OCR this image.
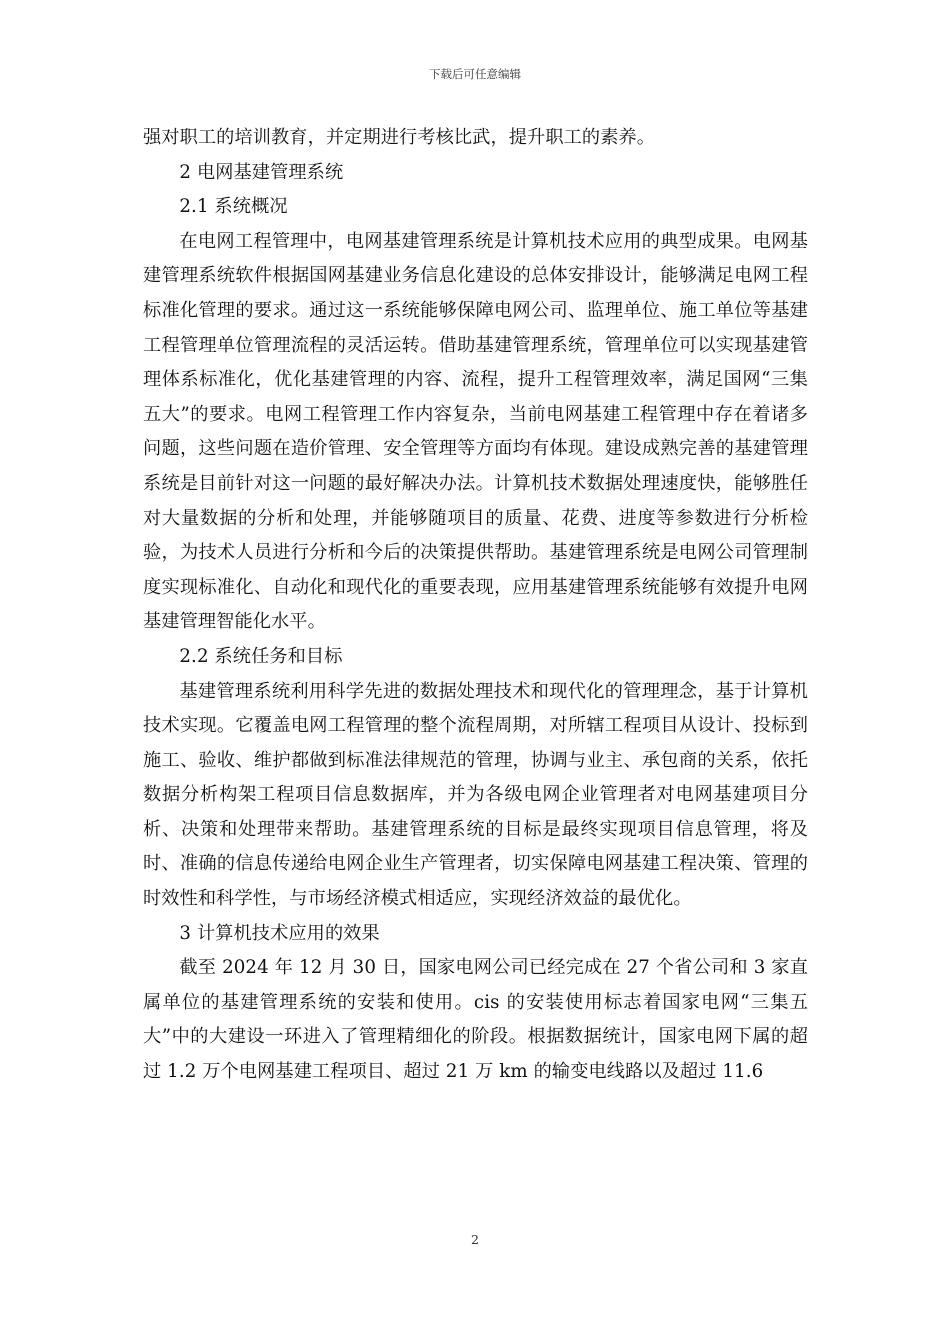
下载后可任意编辑

强对职工的培训教育，并定期进行考核比武，提升职工的素养。

2 电网基建管理系统

2.1 系统概况

在电网工程管理中，电网基建管理系统是计算机技术应用的典型成果。电网基建管理系统软件根据国网基建业务信息化建设的总体安排设计，能够满足电网工程标准化管理的要求。通过这一系统能够保障电网公司、监理单位、施工单位等基建工程管理单位管理流程的灵活运转。借助基建管理系统，管理单位可以实现基建管理体系标准化，优化基建管理的内容、流程，提升工程管理效率，满足国网“三集五大”的要求。电网工程管理工作内容复杂，当前电网基建工程管理中存在着诸多问题，这些问题在造价管理、安全管理等方面均有体现。建设成熟完善的基建管理系统是目前针对这一问题的最好解决办法。计算机技术数据处理速度快，能够胜任对大量数据的分析和处理，并能够随项目的质量、花费、进度等参数进行分析检验，为技术人员进行分析和今后的决策提供帮助。基建管理系统是电网公司管理制度实现标准化、自动化和现代化的重要表现，应用基建管理系统能够有效提升电网基建管理智能化水平。

2.2 系统任务和目标

基建管理系统利用科学先进的数据处理技术和现代化的管理理念，基于计算机技术实现。它覆盖电网工程管理的整个流程周期，对所辖工程项目从设计、投标到施工、验收、维护都做到标准法律规范的管理，协调与业主、承包商的关系，依托数据分析构架工程项目信息数据库，并为各级电网企业管理者对电网基建项目分析、决策和处理带来帮助。基建管理系统的目标是最终实现项目信息管理，将及时、准确的信息传递给电网企业生产管理者，切实保障电网基建工程决策、管理的时效性和科学性，与市场经济模式相适应，实现经济效益的最优化。

3 计算机技术应用的效果

截至 2024 年 12 月 30 日，国家电网公司已经完成在 27 个省公司和 3 家直属单位的基建管理系统的安装和使用。cis 的安装使用标志着国家电网“三集五大”中的大建设一环进入了管理精细化的阶段。根据数据统计，国家电网下属的超过 1.2 万个电网基建工程项目、超过 21 万 km 的输变电线路以及超过 11.6

2
